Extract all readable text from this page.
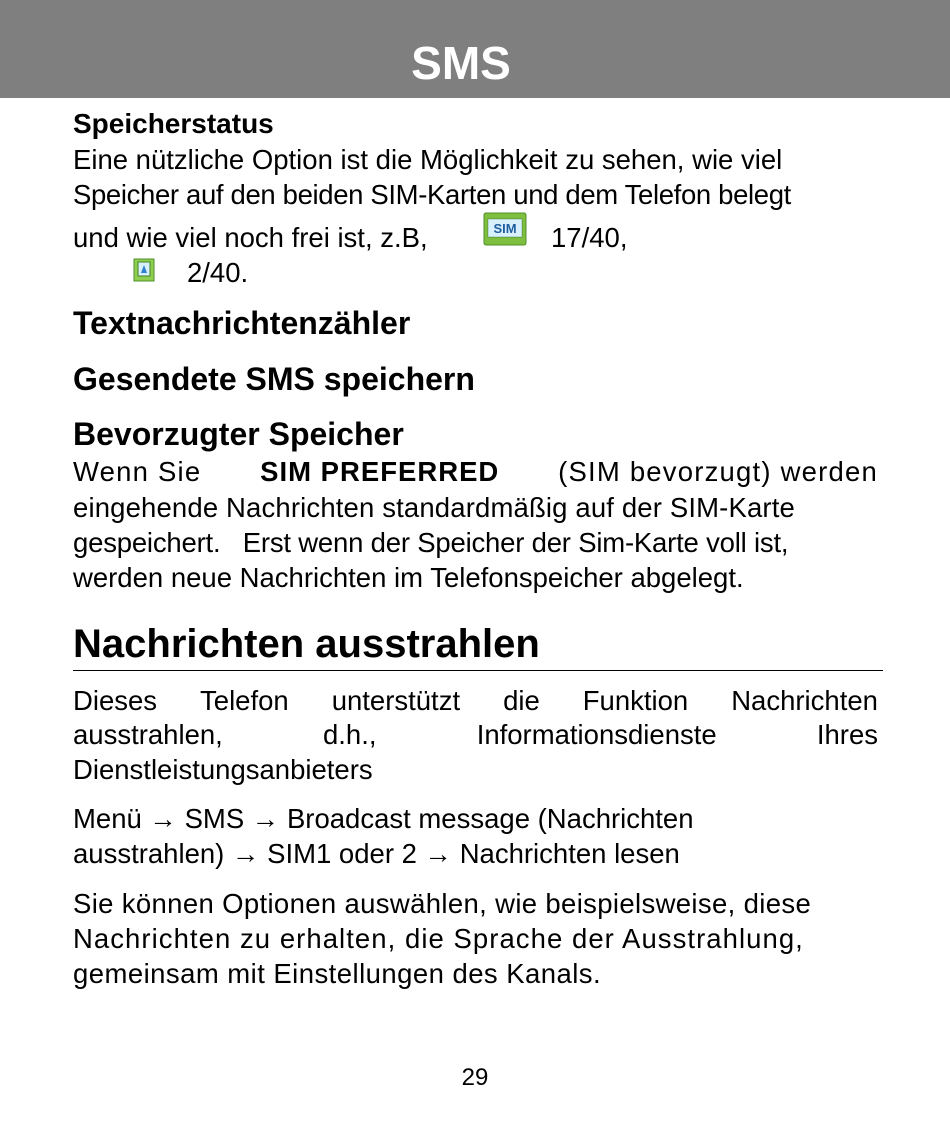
SMS
Speicherstatus
Eine nützliche Option ist die Möglichkeit zu sehen, wie viel
Speicher auf den beiden SIM-Karten und dem Telefon belegt
und wie viel noch frei ist, z.B,	SIM 17/40,
2/40.
Textnachrichtenzähler
Gesendete SMS speichern
Bevorzugter Speicher
Wenn Sie SIM PREFERRED (SIM bevorzugt) werden
eingehende Nachrichten standardmäßig auf der SIM-Karte
gespeichert.   Erst wenn der Speicher der Sim-Karte voll ist,
werden neue Nachrichten im Telefonspeicher abgelegt.
Nachrichten ausstrahlen
Dieses Telefon unterstützt die Funktion Nachrichten
ausstrahlen,	d.h.,	Informationsdienste	Ihres
Dienstleistungsanbieters
Menü → SMS → Broadcast message (Nachrichten
ausstrahlen) → SIM1 oder 2 → Nachrichten lesen
Sie können Optionen auswählen, wie beispielsweise, diese
Nachrichten zu erhalten, die Sprache der Ausstrahlung,
gemeinsam mit Einstellungen des Kanals.
29
